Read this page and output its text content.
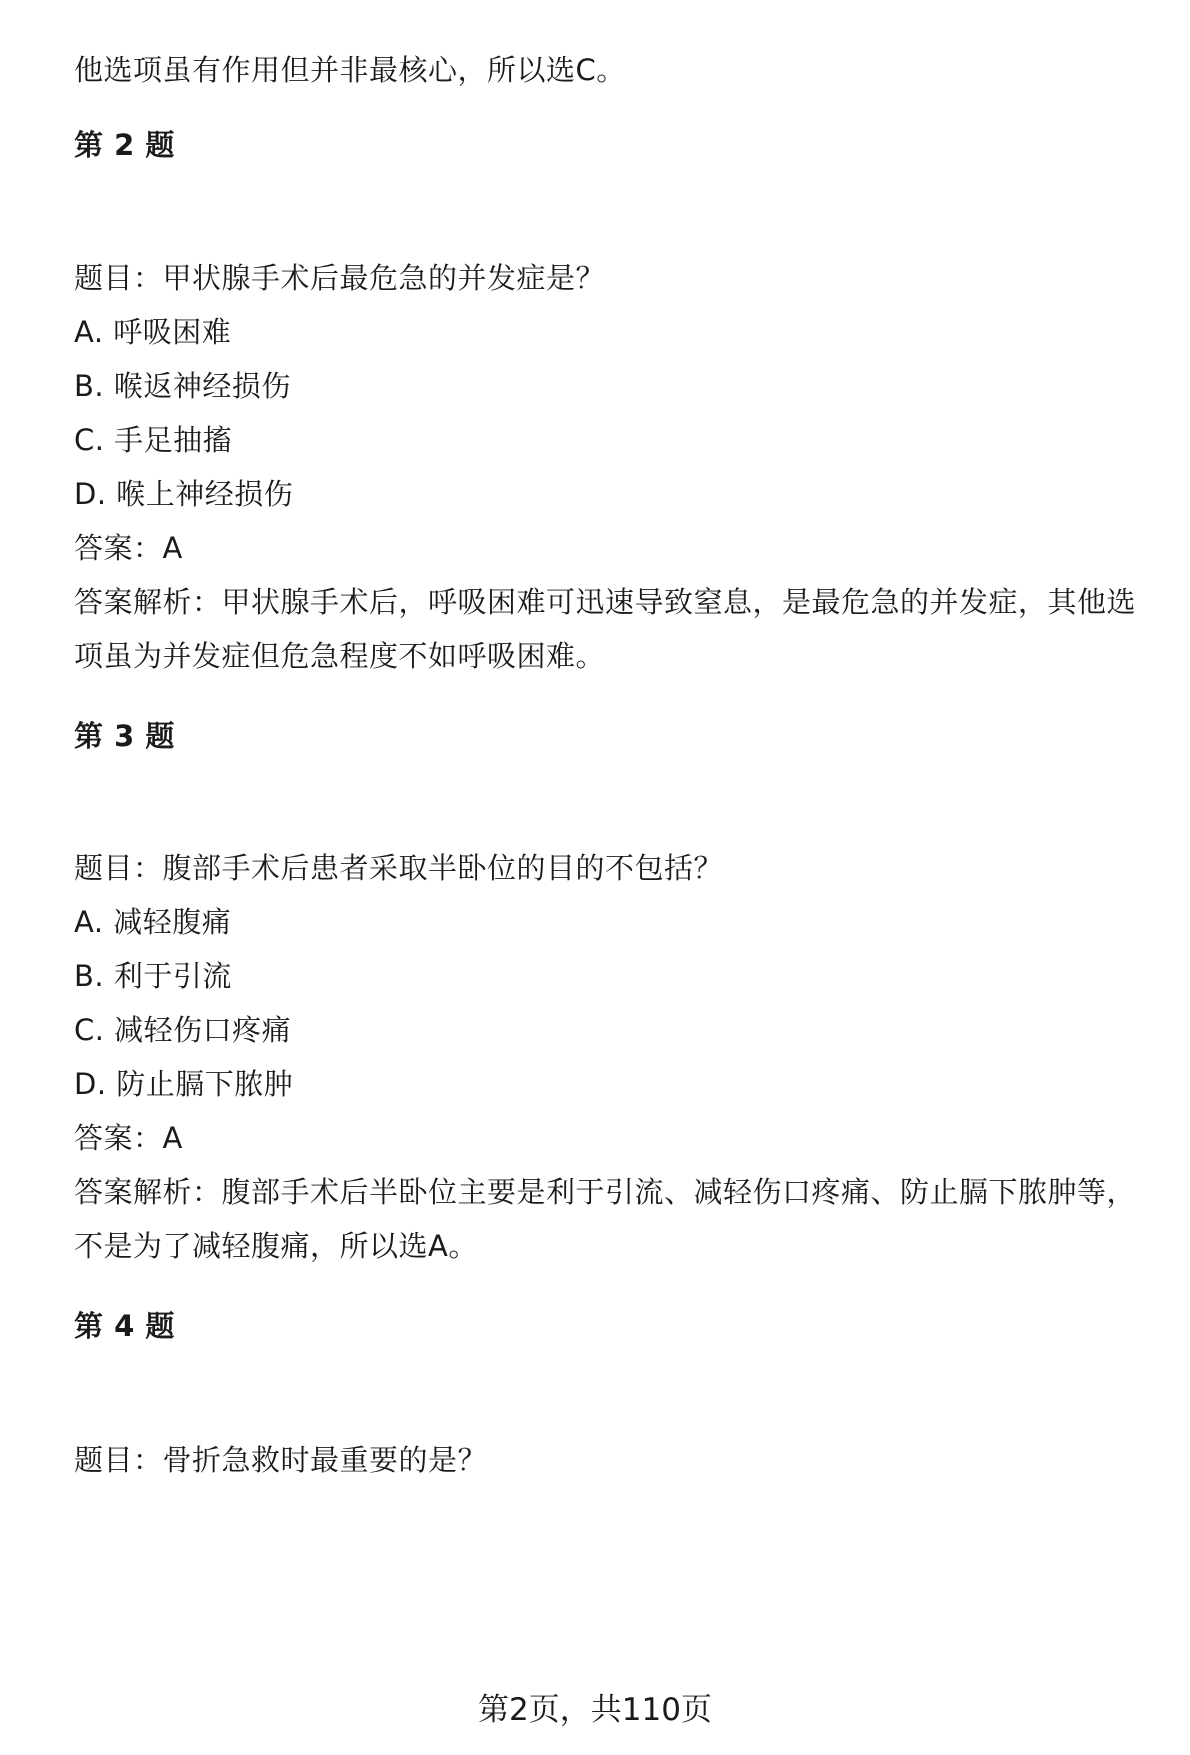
他选项虽有作用但并非最核心，所以选C。
第 2 题
题目：甲状腺手术后最危急的并发症是？
A. 呼吸困难
B. 喉返神经损伤
C. 手足抽搐
D. 喉上神经损伤
答案：A
答案解析：甲状腺手术后，呼吸困难可迅速导致窒息，是最危急的并发症，其他选
项虽为并发症但危急程度不如呼吸困难。
第 3 题
题目：腹部手术后患者采取半卧位的目的不包括？
A. 减轻腹痛
B. 利于引流
C. 减轻伤口疼痛
D. 防止膈下脓肿
答案：A
答案解析：腹部手术后半卧位主要是利于引流、减轻伤口疼痛、防止膈下脓肿等，
不是为了减轻腹痛，所以选A。
第 4 题
题目：骨折急救时最重要的是？
第2页，共110页
